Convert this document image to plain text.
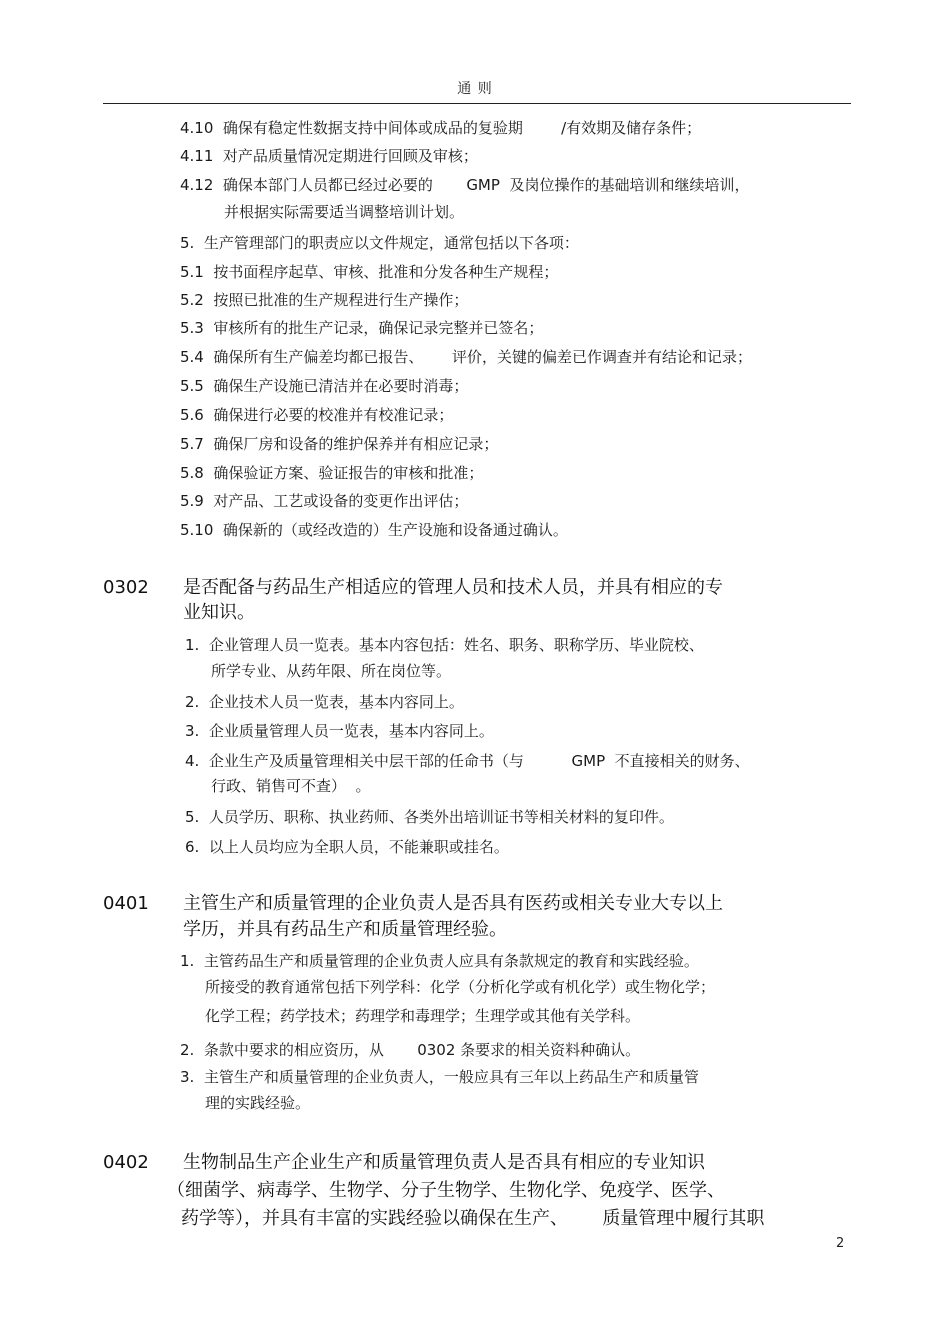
通 则
4.10  确保有稳定性数据支持中间体或成品的复验期        /有效期及储存条件；
4.11  对产品质量情况定期进行回顾及审核；
4.12  确保本部门人员都已经过必要的       GMP  及岗位操作的基础培训和继续培训，
并根据实际需要适当调整培训计划。
5.  生产管理部门的职责应以文件规定，通常包括以下各项：
5.1  按书面程序起草、审核、批准和分发各种生产规程；
5.2  按照已批准的生产规程进行生产操作；
5.3  审核所有的批生产记录，确保记录完整并已签名；
5.4  确保所有生产偏差均都已报告、      评价，关键的偏差已作调查并有结论和记录；
5.5  确保生产设施已清洁并在必要时消毒；
5.6  确保进行必要的校准并有校准记录；
5.7  确保厂房和设备的维护保养并有相应记录；
5.8  确保验证方案、验证报告的审核和批准；
5.9  对产品、工艺或设备的变更作出评估；
5.10  确保新的（或经改造的）生产设施和设备通过确认。
0302 是否配备与药品生产相适应的管理人员和技术人员，并具有相应的专
业知识。
1.  企业管理人员一览表。基本内容包括：姓名、职务、职称学历、毕业院校、
所学专业、从药年限、所在岗位等。
2.  企业技术人员一览表，基本内容同上。
3.  企业质量管理人员一览表，基本内容同上。
4.  企业生产及质量管理相关中层干部的任命书（与          GMP  不直接相关的财务、
行政、销售可不查）  。
5.  人员学历、职称、执业药师、各类外出培训证书等相关材料的复印件。
6.  以上人员均应为全职人员，不能兼职或挂名。
0401 主管生产和质量管理的企业负责人是否具有医药或相关专业大专以上
学历，并具有药品生产和质量管理经验。
1.  主管药品生产和质量管理的企业负责人应具有条款规定的教育和实践经验。
所接受的教育通常包括下列学科：化学（分析化学或有机化学）或生物化学；
化学工程；药学技术；药理学和毒理学；生理学或其他有关学科。
2.  条款中要求的相应资历，从       0302 条要求的相关资料种确认。
3.  主管生产和质量管理的企业负责人，一般应具有三年以上药品生产和质量管
理的实践经验。
0402 生物制品生产企业生产和质量管理负责人是否具有相应的专业知识
（细菌学、病毒学、生物学、分子生物学、生物化学、免疫学、医学、
药学等），并具有丰富的实践经验以确保在生产、      质量管理中履行其职
2
